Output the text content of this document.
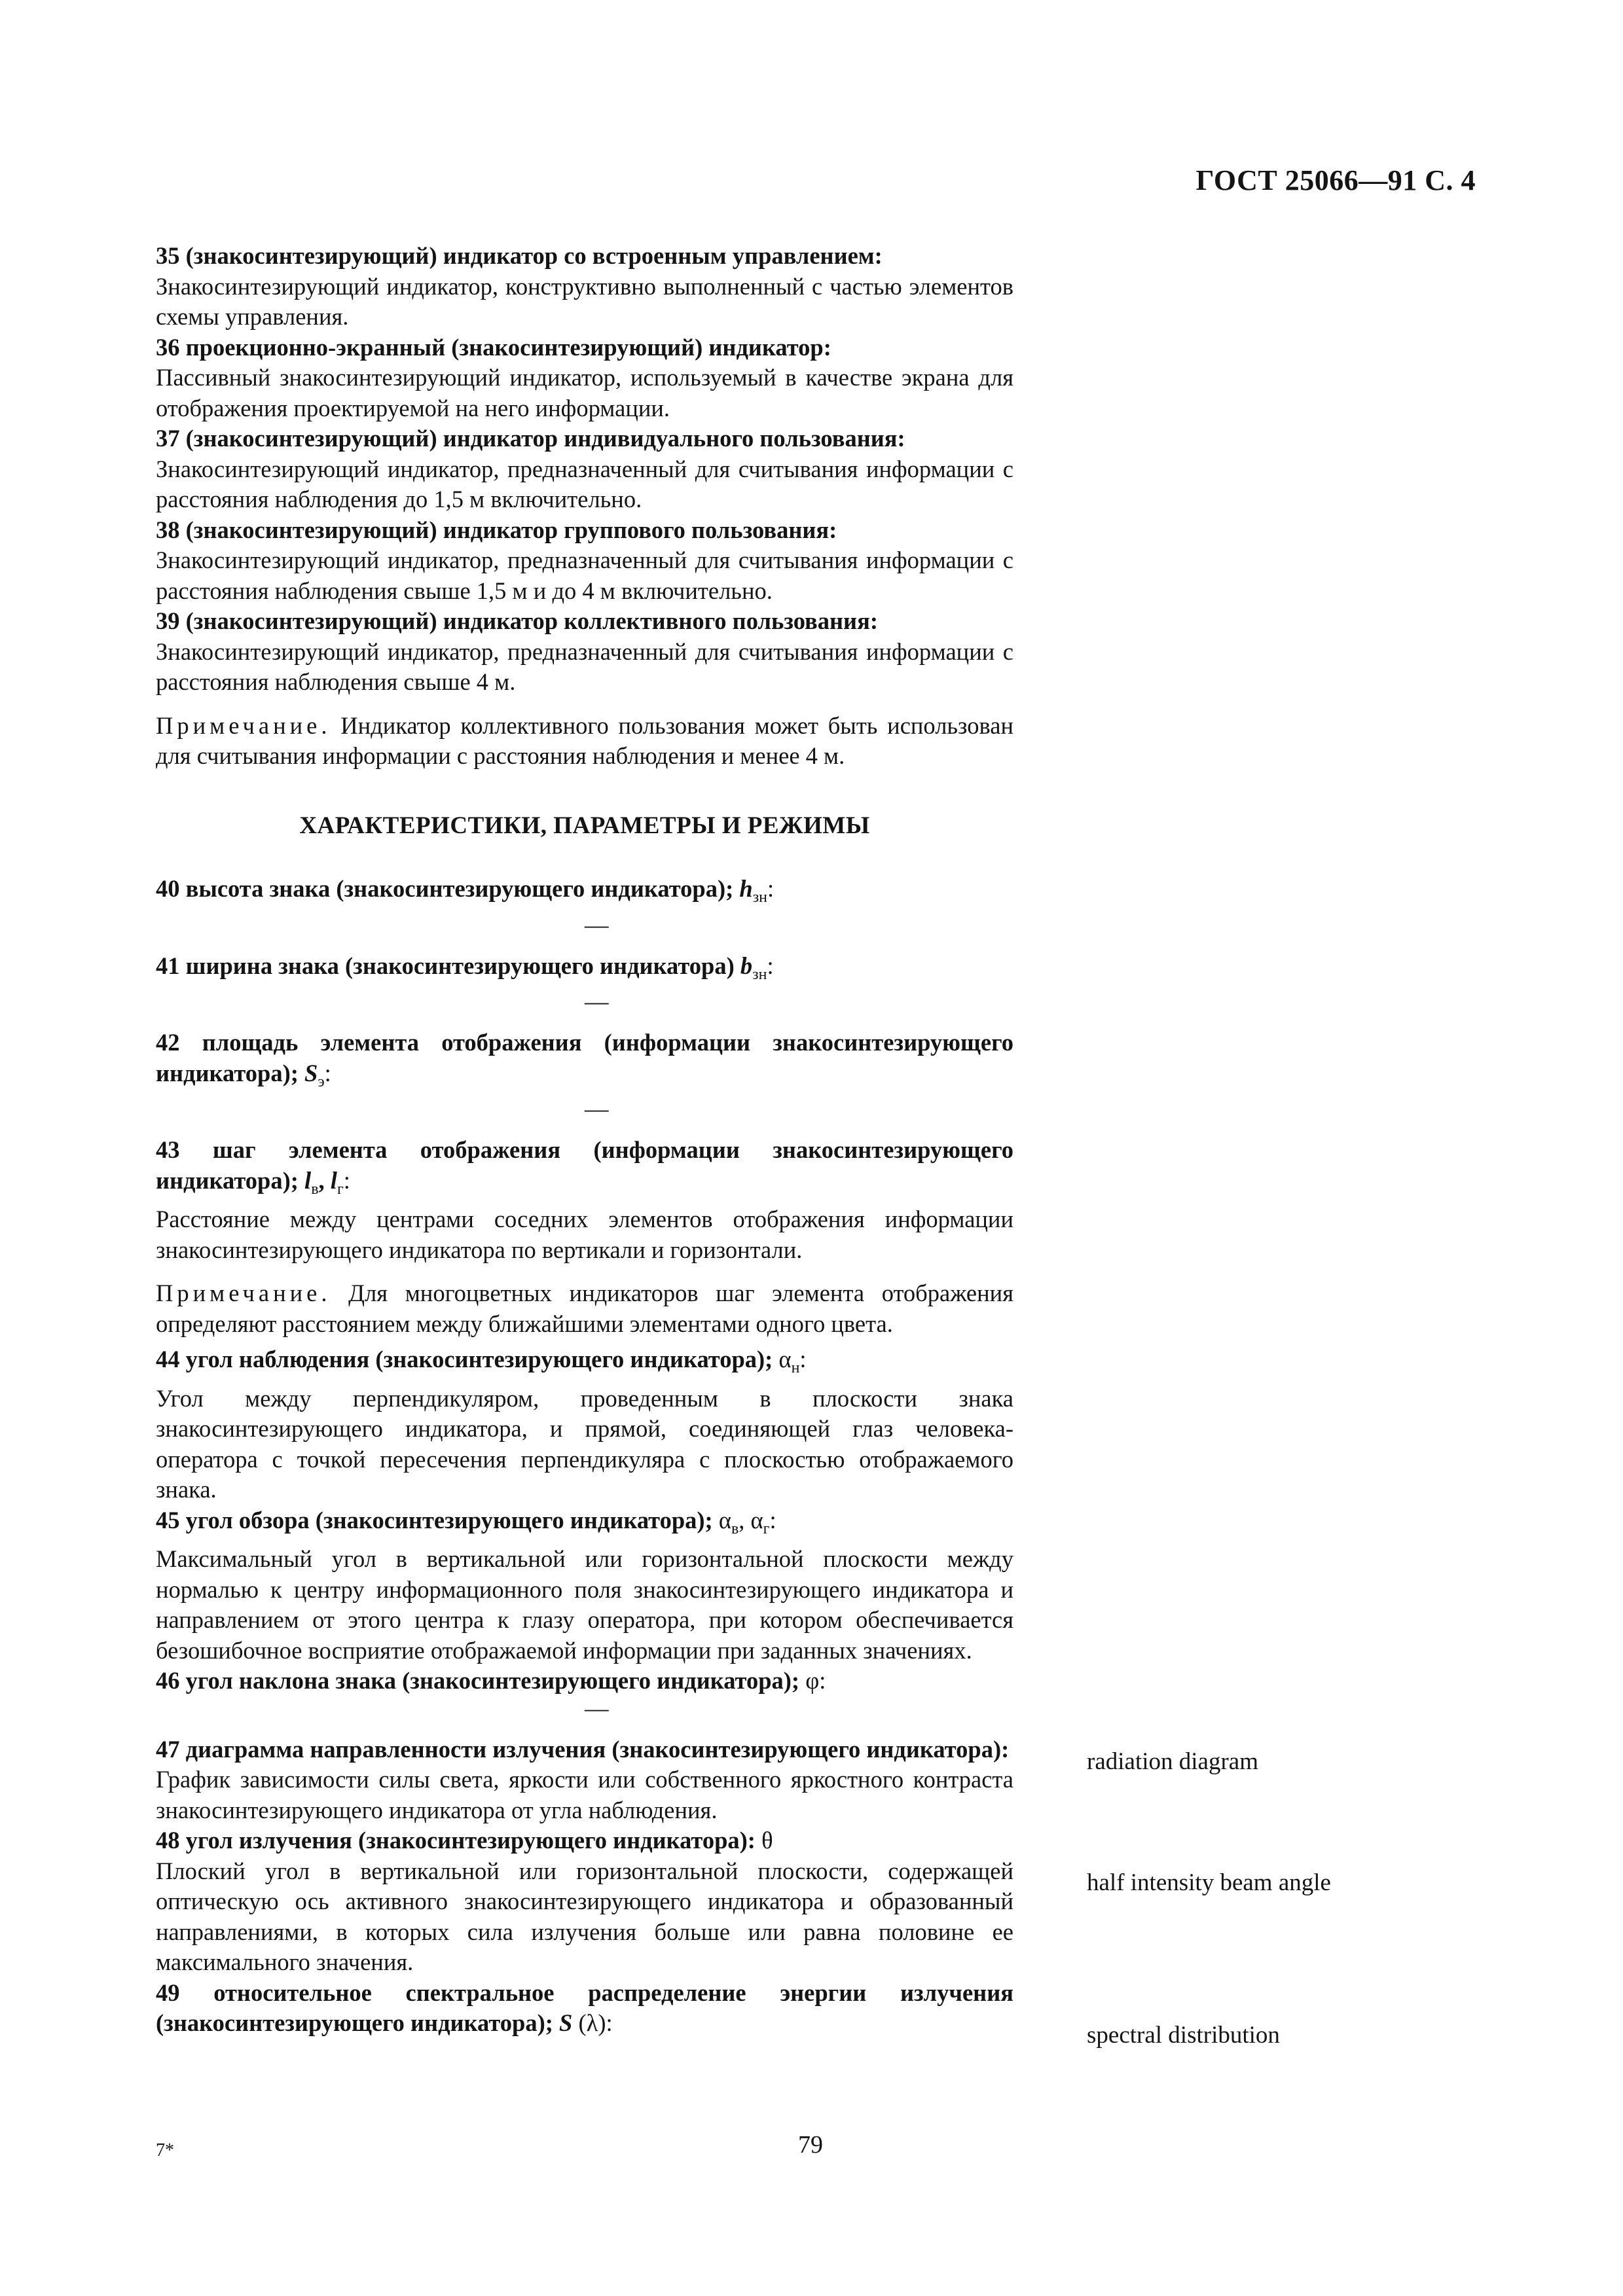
ГОСТ 25066—91 С. 4

35 (знакосинтезирующий) индикатор со встроенным управлением:

Знакосинтезирующий индикатор, конструктивно выполненный с частью элементов схемы управления.

36 проекционно-экранный (знакосинтезирующий) индикатор:

Пассивный знакосинтезирующий индикатор, используемый в качестве экрана для отображения проектируемой на него информации.

37 (знакосинтезирующий) индикатор индивидуального пользования:

Знакосинтезирующий индикатор, предназначенный для считывания информации с расстояния наблюдения до 1,5 м включительно.

38 (знакосинтезирующий) индикатор группового пользования:

Знакосинтезирующий индикатор, предназначенный для считывания информации с расстояния наблюдения свыше 1,5 м и до 4 м включительно.

39 (знакосинтезирующий) индикатор коллективного пользования:

Знакосинтезирующий индикатор, предназначенный для считывания информации с расстояния наблюдения свыше 4 м.

Примечание. Индикатор коллективного пользования может быть использован для считывания информации с расстояния наблюдения и менее 4 м.

ХАРАКТЕРИСТИКИ, ПАРАМЕТРЫ И РЕЖИМЫ

40 высота знака (знакосинтезирующего индикатора); $h_{зн}$:

—

41 ширина знака (знакосинтезирующего индикатора) $b_{зн}$:

—

42 площадь элемента отображения (информации знакосинтезирующего индикатора); $S_э$:

—

43 шаг элемента отображения (информации знакосинтезирующего индикатора); $l_в$, $l_г$:

Расстояние между центрами соседних элементов отображения информации знакосинтезирующего индикатора по вертикали и горизонтали.

Примечание. Для многоцветных индикаторов шаг элемента отображения определяют расстоянием между ближайшими элементами одного цвета.

44 угол наблюдения (знакосинтезирующего индикатора); $\alpha_н$:

Угол между перпендикуляром, проведенным в плоскости знака знакосинтезирующего индикатора, и прямой, соединяющей глаз человека-оператора с точкой пересечения перпендикуляра с плоскостью отображаемого знака.

45 угол обзора (знакосинтезирующего индикатора); $\alpha_в$, $\alpha_г$:

Максимальный угол в вертикальной или горизонтальной плоскости между нормалью к центру информационного поля знакосинтезирующего индикатора и направлением от этого центра к глазу оператора, при котором обеспечивается безошибочное восприятие отображаемой информации при заданных значениях.

46 угол наклона знака (знакосинтезирующего индикатора); φ:

—

47 диаграмма направленности излучения (знакосинтезирующего индикатора):

График зависимости силы света, яркости или собственного яркостного контраста знакосинтезирующего индикатора от угла наблюдения.

48 угол излучения (знакосинтезирующего индикатора): θ

Плоский угол в вертикальной или горизонтальной плоскости, содержащей оптическую ось активного знакосинтезирующего индикатора и образованный направлениями, в которых сила излучения больше или равна половине ее максимального значения.

49 относительное спектральное распределение энергии излучения (знакосинтезирующего индикатора); S (λ):

radiation diagram
half intensity beam angle
spectral distribution
7*	79
